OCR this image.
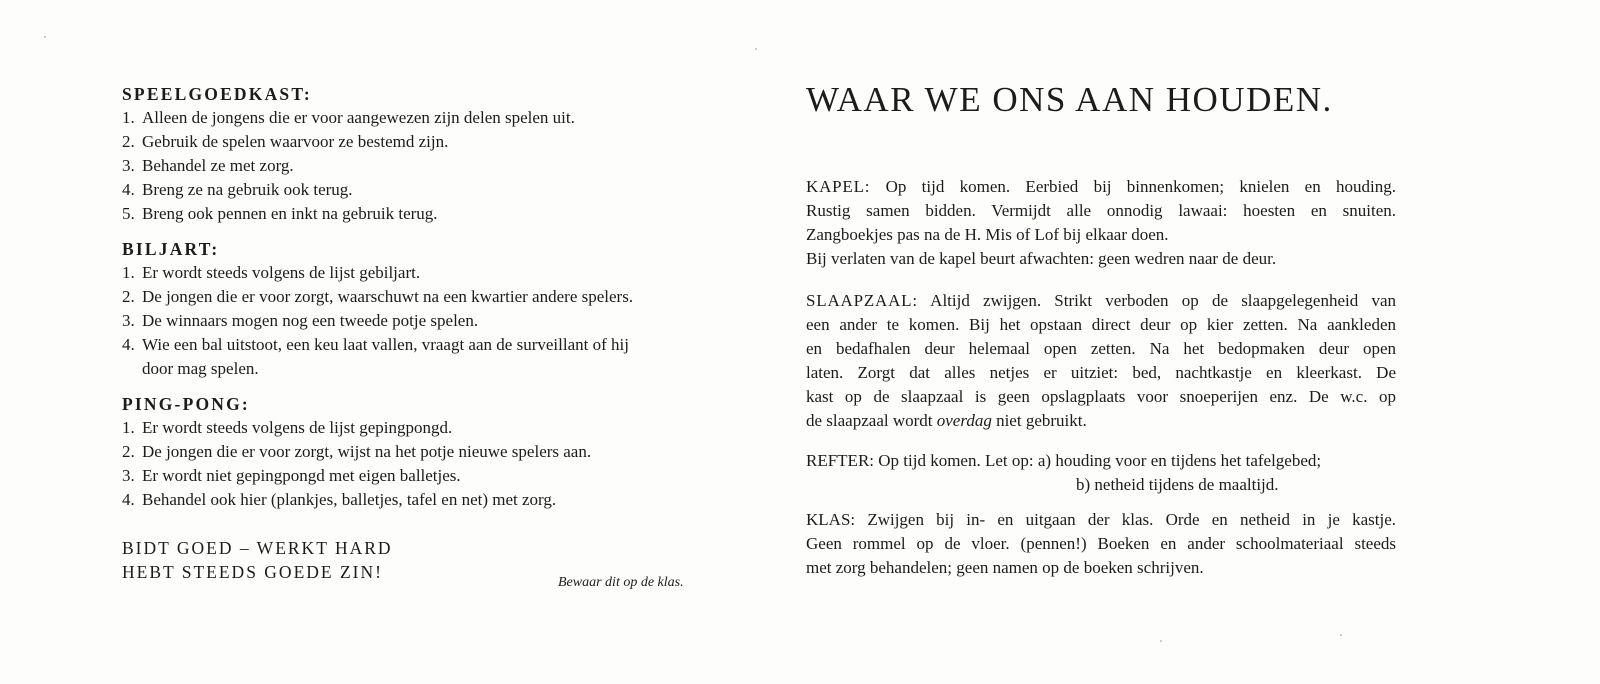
SPEELGOEDKAST:
1. Alleen de jongens die er voor aangewezen zijn delen spelen uit.
2. Gebruik de spelen waarvoor ze bestemd zijn.
3. Behandel ze met zorg.
4. Breng ze na gebruik ook terug.
5. Breng ook pennen en inkt na gebruik terug.
BILJART:
1. Er wordt steeds volgens de lijst gebiljart.
2. De jongen die er voor zorgt, waarschuwt na een kwartier andere spelers.
3. De winnaars mogen nog een tweede potje spelen.
4. Wie een bal uitstoot, een keu laat vallen, vraagt aan de surveillant of hij
door mag spelen.
PING-PONG:
1. Er wordt steeds volgens de lijst gepingpongd.
2. De jongen die er voor zorgt, wijst na het potje nieuwe spelers aan.
3. Er wordt niet gepingpongd met eigen balletjes.
4. Behandel ook hier (plankjes, balletjes, tafel en net) met zorg.
BIDT GOED – WERKT HARD
HEBT STEEDS GOEDE ZIN!
Bewaar dit op de klas.
WAAR WE ONS AAN HOUDEN.
KAPEL: Op tijd komen. Eerbied bij binnenkomen; knielen en houding.
Rustig samen bidden. Vermijdt alle onnodig lawaai: hoesten en snuiten.
Zangboekjes pas na de H. Mis of Lof bij elkaar doen.
Bij verlaten van de kapel beurt afwachten: geen wedren naar de deur.
SLAAPZAAL: Altijd zwijgen. Strikt verboden op de slaapgelegenheid van
een ander te komen. Bij het opstaan direct deur op kier zetten. Na aankleden
en bedafhalen deur helemaal open zetten. Na het bedopmaken deur open
laten. Zorgt dat alles netjes er uitziet: bed, nachtkastje en kleerkast. De
kast op de slaapzaal is geen opslagplaats voor snoeperijen enz. De w.c. op
de slaapzaal wordt overdag niet gebruikt.
REFTER: Op tijd komen. Let op: a) houding voor en tijdens het tafelgebed;
b) netheid tijdens de maaltijd.
KLAS: Zwijgen bij in- en uitgaan der klas. Orde en netheid in je kastje.
Geen rommel op de vloer. (pennen!) Boeken en ander schoolmateriaal steeds
met zorg behandelen; geen namen op de boeken schrijven.
